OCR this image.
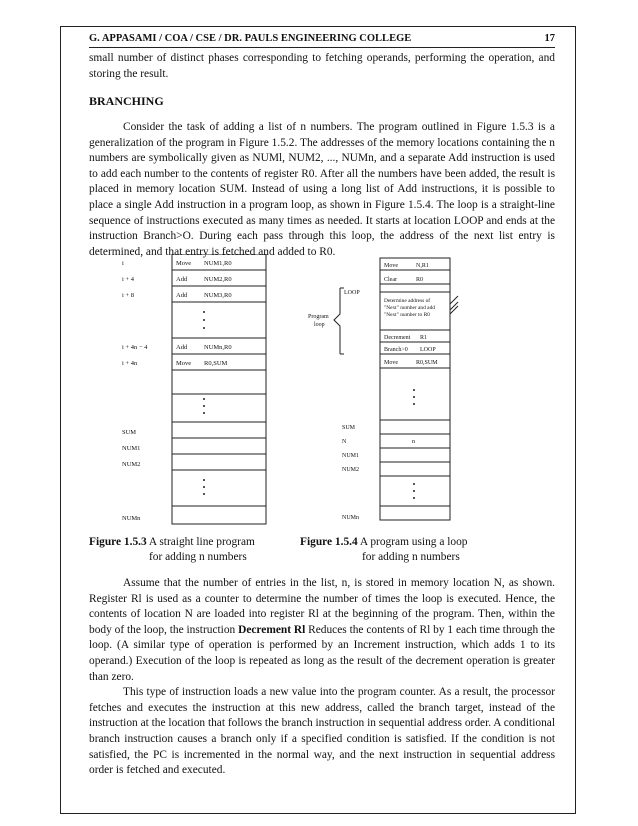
G. APPASAMI / COA / CSE / DR. PAULS ENGINEERING COLLEGE	17

small number of distinct phases corresponding to fetching operands, performing the operation, and storing the result.

BRANCHING

Consider the task of adding a list of n numbers. The program outlined in Figure 1.5.3 is a generalization of the program in Figure 1.5.2. The addresses of the memory locations containing the n numbers are symbolically given as NUMl, NUM2, ..., NUMn, and a separate Add instruction is used to add each number to the contents of register R0. After all the numbers have been added, the result is placed in memory location SUM. Instead of using a long list of Add instructions, it is possible to place a single Add instruction in a program loop, as shown in Figure 1.5.4. The loop is a straight-line sequence of instructions executed as many times as needed. It starts at location LOOP and ends at the instruction Branch>O. During each pass through this loop, the address of the next list entry is determined, and that entry is fetched and added to R0.

i	Move NUM1,R0
i + 4	Add	NUM2,R0
i + 8	Add	NUM3,R0
i + 4n − 4	Add	NUMn,R0
i + 4n	Move R0,SUM
SUM
NUM1
NUM2
NUMn
Move	N,R1
Clear	R0
Determine address of
"Next" number and add
"Next" number to R0
Decrement R1
Branch>0 LOOP
Move	R0,SUM
LOOP
Program
loop
SUM
N	n
NUM1
NUM2
NUMn
Figure 1.5.3 A straight line program
for adding n numbers
Figure 1.5.4 A program using a loop
for adding n numbers

Assume that the number of entries in the list, n, is stored in memory location N, as shown. Register Rl is used as a counter to determine the number of times the loop is executed. Hence, the contents of location N are loaded into register Rl at the beginning of the program. Then, within the body of the loop, the instruction Decrement Rl Reduces the contents of Rl by 1 each time through the loop. (A similar type of operation is performed by an Increment instruction, which adds 1 to its operand.) Execution of the loop is repeated as long as the result of the decrement operation is greater than zero.

This type of instruction loads a new value into the program counter. As a result, the processor fetches and executes the instruction at this new address, called the branch target, instead of the instruction at the location that follows the branch instruction in sequential address order. A conditional branch instruction causes a branch only if a specified condition is satisfied. If the condition is not satisfied, the PC is incremented in the normal way, and the next instruction in sequential address order is fetched and executed.
